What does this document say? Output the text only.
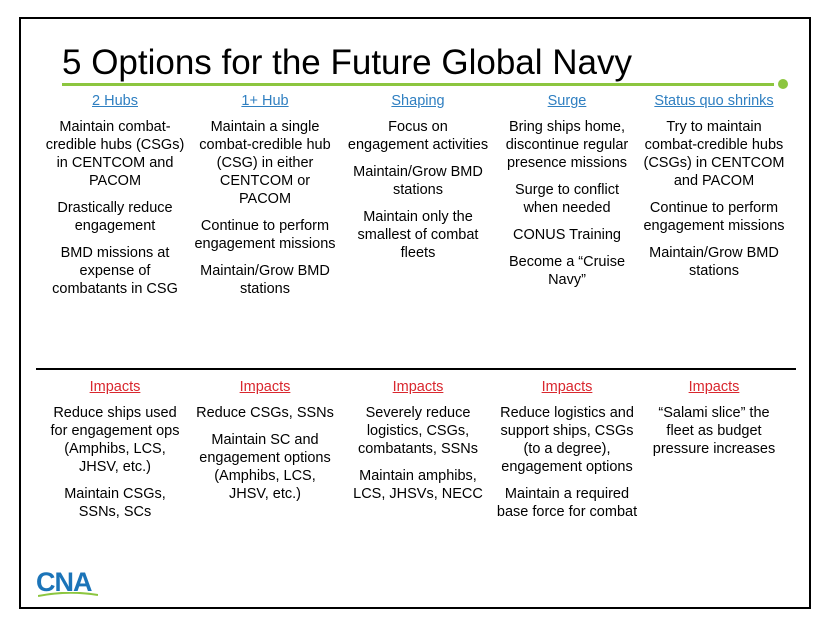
5 Options for the Future Global Navy
2 Hubs

Maintain combat-credible hubs (CSGs) in CENTCOM and PACOM

Drastically reduce engagement

BMD missions at expense of combatants in CSG

1+ Hub

Maintain a single combat-credible hub (CSG) in either CENTCOM or PACOM

Continue to perform engagement missions

Maintain/Grow BMD stations

Shaping

Focus on engagement activities

Maintain/Grow BMD stations

Maintain only the smallest of combat fleets

Surge

Bring ships home, discontinue regular presence missions

Surge to conflict when needed

CONUS Training

Become a “Cruise Navy”

Status quo shrinks

Try to maintain combat-credible hubs (CSGs) in CENTCOM and PACOM

Continue to perform engagement missions

Maintain/Grow BMD stations

Impacts

Reduce ships used for engagement ops (Amphibs, LCS, JHSV, etc.)

Maintain CSGs, SSNs, SCs

Impacts

Reduce CSGs, SSNs

Maintain SC and engagement options (Amphibs, LCS, JHSV, etc.)

Impacts

Severely reduce logistics, CSGs, combatants, SSNs

Maintain amphibs, LCS, JHSVs, NECC

Impacts

Reduce logistics and support ships, CSGs (to a degree), engagement options

Maintain a required base force for combat

Impacts

“Salami slice” the fleet as budget pressure increases

CNA
